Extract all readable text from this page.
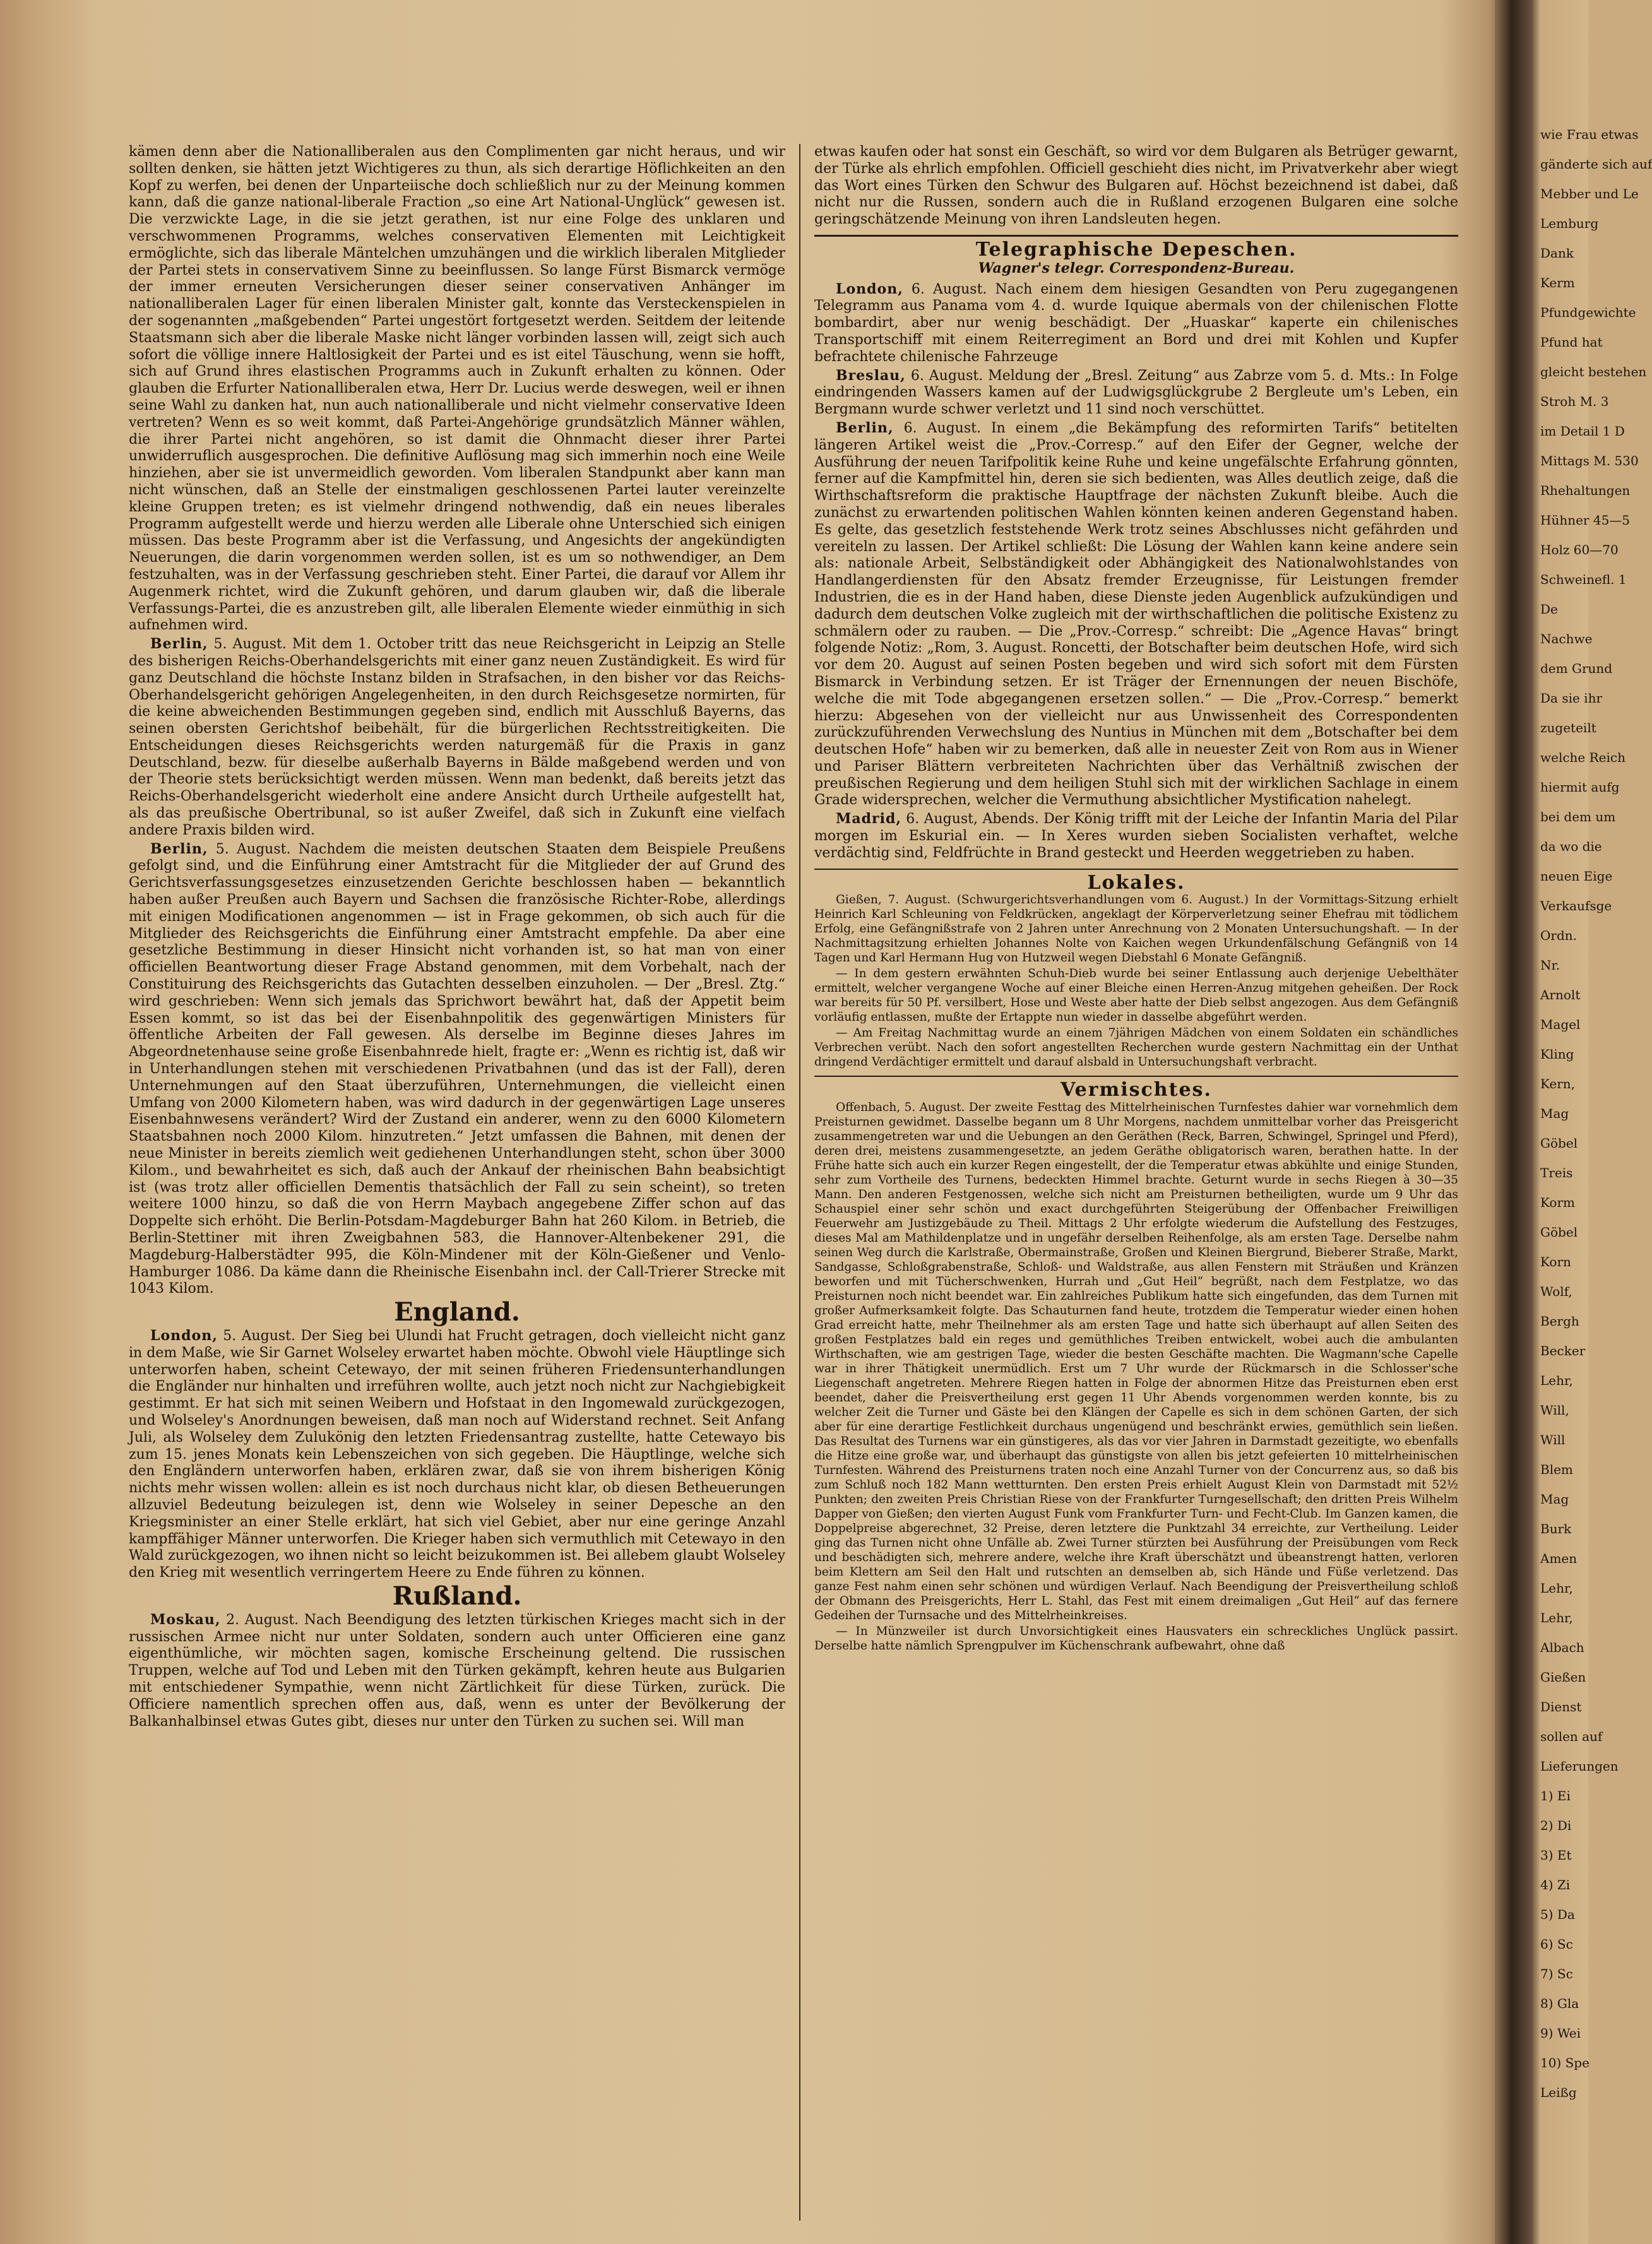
kämen denn aber die Nationalliberalen aus den Complimenten gar nicht heraus, und wir sollten denken, sie hätten jetzt Wichtigeres zu thun, als sich derartige Höflichkeiten an den Kopf zu werfen, bei denen der Unparteiische doch schließlich nur zu der Meinung kommen kann, daß die ganze national-liberale Fraction „so eine Art National-Unglück“ gewesen ist. Die verzwickte Lage, in die sie jetzt gerathen, ist nur eine Folge des unklaren und verschwommenen Programms, welches conservativen Elementen mit Leichtigkeit ermöglichte, sich das liberale Mäntelchen umzuhängen und die wirklich liberalen Mitglieder der Partei stets in conservativem Sinne zu beeinflussen. So lange Fürst Bismarck vermöge der immer erneuten Versicherungen dieser seiner conservativen Anhänger im nationalliberalen Lager für einen liberalen Minister galt, konnte das Versteckenspielen in der sogenannten „maßgebenden“ Partei ungestört fortgesetzt werden. Seitdem der leitende Staatsmann sich aber die liberale Maske nicht länger vorbinden lassen will, zeigt sich auch sofort die völlige innere Haltlosigkeit der Partei und es ist eitel Täuschung, wenn sie hofft, sich auf Grund ihres elastischen Programms auch in Zukunft erhalten zu können. Oder glauben die Erfurter Nationalliberalen etwa, Herr Dr. Lucius werde deswegen, weil er ihnen seine Wahl zu danken hat, nun auch nationalliberale und nicht vielmehr conservative Ideen vertreten? Wenn es so weit kommt, daß Partei-Angehörige grundsätzlich Männer wählen, die ihrer Partei nicht angehören, so ist damit die Ohnmacht dieser ihrer Partei unwiderruflich ausgesprochen. Die definitive Auflösung mag sich immerhin noch eine Weile hinziehen, aber sie ist unvermeidlich geworden. Vom liberalen Standpunkt aber kann man nicht wünschen, daß an Stelle der einstmaligen geschlossenen Partei lauter vereinzelte kleine Gruppen treten; es ist vielmehr dringend nothwendig, daß ein neues liberales Programm aufgestellt werde und hierzu werden alle Liberale ohne Unterschied sich einigen müssen. Das beste Programm aber ist die Verfassung, und Angesichts der angekündigten Neuerungen, die darin vorgenommen werden sollen, ist es um so nothwendiger, an Dem festzuhalten, was in der Verfassung geschrieben steht. Einer Partei, die darauf vor Allem ihr Augenmerk richtet, wird die Zukunft gehören, und darum glauben wir, daß die liberale Verfassungs-Partei, die es anzustreben gilt, alle liberalen Elemente wieder einmüthig in sich aufnehmen wird.

Berlin, 5. August. Mit dem 1. October tritt das neue Reichsgericht in Leipzig an Stelle des bisherigen Reichs-Oberhandelsgerichts mit einer ganz neuen Zuständigkeit. Es wird für ganz Deutschland die höchste Instanz bilden in Strafsachen, in den bisher vor das Reichs-Oberhandelsgericht gehörigen Angelegenheiten, in den durch Reichsgesetze normirten, für die keine abweichenden Bestimmungen gegeben sind, endlich mit Ausschluß Bayerns, das seinen obersten Gerichtshof beibehält, für die bürgerlichen Rechtsstreitigkeiten. Die Entscheidungen dieses Reichsgerichts werden naturgemäß für die Praxis in ganz Deutschland, bezw. für dieselbe außerhalb Bayerns in Bälde maßgebend werden und von der Theorie stets berücksichtigt werden müssen. Wenn man bedenkt, daß bereits jetzt das Reichs-Oberhandelsgericht wiederholt eine andere Ansicht durch Urtheile aufgestellt hat, als das preußische Obertribunal, so ist außer Zweifel, daß sich in Zukunft eine vielfach andere Praxis bilden wird.

Berlin, 5. August. Nachdem die meisten deutschen Staaten dem Beispiele Preußens gefolgt sind, und die Einführung einer Amtstracht für die Mitglieder der auf Grund des Gerichtsverfassungsgesetzes einzusetzenden Gerichte beschlossen haben — bekanntlich haben außer Preußen auch Bayern und Sachsen die französische Richter-Robe, allerdings mit einigen Modificationen angenommen — ist in Frage gekommen, ob sich auch für die Mitglieder des Reichsgerichts die Einführung einer Amtstracht empfehle. Da aber eine gesetzliche Bestimmung in dieser Hinsicht nicht vorhanden ist, so hat man von einer officiellen Beantwortung dieser Frage Abstand genommen, mit dem Vorbehalt, nach der Constituirung des Reichsgerichts das Gutachten desselben einzuholen. — Der „Bresl. Ztg.“ wird geschrieben: Wenn sich jemals das Sprichwort bewährt hat, daß der Appetit beim Essen kommt, so ist das bei der Eisenbahnpolitik des gegenwärtigen Ministers für öffentliche Arbeiten der Fall gewesen. Als derselbe im Beginne dieses Jahres im Abgeordnetenhause seine große Eisenbahnrede hielt, fragte er: „Wenn es richtig ist, daß wir in Unterhandlungen stehen mit verschiedenen Privatbahnen (und das ist der Fall), deren Unternehmungen auf den Staat überzuführen, Unternehmungen, die vielleicht einen Umfang von 2000 Kilometern haben, was wird dadurch in der gegenwärtigen Lage unseres Eisenbahnwesens verändert? Wird der Zustand ein anderer, wenn zu den 6000 Kilometern Staatsbahnen noch 2000 Kilom. hinzutreten.“ Jetzt umfassen die Bahnen, mit denen der neue Minister in bereits ziemlich weit gediehenen Unterhandlungen steht, schon über 3000 Kilom., und bewahrheitet es sich, daß auch der Ankauf der rheinischen Bahn beabsichtigt ist (was trotz aller officiellen Dementis thatsächlich der Fall zu sein scheint), so treten weitere 1000 hinzu, so daß die von Herrn Maybach angegebene Ziffer schon auf das Doppelte sich erhöht. Die Berlin-Potsdam-Magdeburger Bahn hat 260 Kilom. in Betrieb, die Berlin-Stettiner mit ihren Zweigbahnen 583, die Hannover-Altenbekener 291, die Magdeburg-Halberstädter 995, die Köln-Mindener mit der Köln-Gießener und Venlo-Hamburger 1086. Da käme dann die Rheinische Eisenbahn incl. der Call-Trierer Strecke mit 1043 Kilom.

England.

London, 5. August. Der Sieg bei Ulundi hat Frucht getragen, doch vielleicht nicht ganz in dem Maße, wie Sir Garnet Wolseley erwartet haben möchte. Obwohl viele Häuptlinge sich unterworfen haben, scheint Cetewayo, der mit seinen früheren Friedensunterhandlungen die Engländer nur hinhalten und irreführen wollte, auch jetzt noch nicht zur Nachgiebigkeit gestimmt. Er hat sich mit seinen Weibern und Hofstaat in den Ingomewald zurückgezogen, und Wolseley's Anordnungen beweisen, daß man noch auf Widerstand rechnet. Seit Anfang Juli, als Wolseley dem Zulukönig den letzten Friedensantrag zustellte, hatte Cetewayo bis zum 15. jenes Monats kein Lebenszeichen von sich gegeben. Die Häuptlinge, welche sich den Engländern unterworfen haben, erklären zwar, daß sie von ihrem bisherigen König nichts mehr wissen wollen: allein es ist noch durchaus nicht klar, ob diesen Betheuerungen allzuviel Bedeutung beizulegen ist, denn wie Wolseley in seiner Depesche an den Kriegsminister an einer Stelle erklärt, hat sich viel Gebiet, aber nur eine geringe Anzahl kampffähiger Männer unterworfen. Die Krieger haben sich vermuthlich mit Cetewayo in den Wald zurückgezogen, wo ihnen nicht so leicht beizukommen ist. Bei allebem glaubt Wolseley den Krieg mit wesentlich verringertem Heere zu Ende führen zu können.

Rußland.

Moskau, 2. August. Nach Beendigung des letzten türkischen Krieges macht sich in der russischen Armee nicht nur unter Soldaten, sondern auch unter Officieren eine ganz eigenthümliche, wir möchten sagen, komische Erscheinung geltend. Die russischen Truppen, welche auf Tod und Leben mit den Türken gekämpft, kehren heute aus Bulgarien mit entschiedener Sympathie, wenn nicht Zärtlichkeit für diese Türken, zurück. Die Officiere namentlich sprechen offen aus, daß, wenn es unter der Bevölkerung der Balkanhalbinsel etwas Gutes gibt, dieses nur unter den Türken zu suchen sei. Will man

etwas kaufen oder hat sonst ein Geschäft, so wird vor dem Bulgaren als Betrüger gewarnt, der Türke als ehrlich empfohlen. Officiell geschieht dies nicht, im Privatverkehr aber wiegt das Wort eines Türken den Schwur des Bulgaren auf. Höchst bezeichnend ist dabei, daß nicht nur die Russen, sondern auch die in Rußland erzogenen Bulgaren eine solche geringschätzende Meinung von ihren Landsleuten hegen.

Telegraphische Depeschen.
Wagner's telegr. Correspondenz-Bureau.

London, 6. August. Nach einem dem hiesigen Gesandten von Peru zugegangenen Telegramm aus Panama vom 4. d. wurde Iquique abermals von der chilenischen Flotte bombardirt, aber nur wenig beschädigt. Der „Huaskar“ kaperte ein chilenisches Transportschiff mit einem Reiterregiment an Bord und drei mit Kohlen und Kupfer befrachtete chilenische Fahrzeuge

Breslau, 6. August. Meldung der „Bresl. Zeitung“ aus Zabrze vom 5. d. Mts.: In Folge eindringenden Wassers kamen auf der Ludwigsglückgrube 2 Bergleute um's Leben, ein Bergmann wurde schwer verletzt und 11 sind noch verschüttet.

Berlin, 6. August. In einem „die Bekämpfung des reformirten Tarifs“ betitelten längeren Artikel weist die „Prov.-Corresp.“ auf den Eifer der Gegner, welche der Ausführung der neuen Tarifpolitik keine Ruhe und keine ungefälschte Erfahrung gönnten, ferner auf die Kampfmittel hin, deren sie sich bedienten, was Alles deutlich zeige, daß die Wirthschaftsreform die praktische Hauptfrage der nächsten Zukunft bleibe. Auch die zunächst zu erwartenden politischen Wahlen könnten keinen anderen Gegenstand haben. Es gelte, das gesetzlich feststehende Werk trotz seines Abschlusses nicht gefährden und vereiteln zu lassen. Der Artikel schließt: Die Lösung der Wahlen kann keine andere sein als: nationale Arbeit, Selbständigkeit oder Abhängigkeit des Nationalwohlstandes von Handlangerdiensten für den Absatz fremder Erzeugnisse, für Leistungen fremder Industrien, die es in der Hand haben, diese Dienste jeden Augenblick aufzukündigen und dadurch dem deutschen Volke zugleich mit der wirthschaftlichen die politische Existenz zu schmälern oder zu rauben. — Die „Prov.-Corresp.“ schreibt: Die „Agence Havas“ bringt folgende Notiz: „Rom, 3. August. Roncetti, der Botschafter beim deutschen Hofe, wird sich vor dem 20. August auf seinen Posten begeben und wird sich sofort mit dem Fürsten Bismarck in Verbindung setzen. Er ist Träger der Ernennungen der neuen Bischöfe, welche die mit Tode abgegangenen ersetzen sollen.“ — Die „Prov.-Corresp.“ bemerkt hierzu: Abgesehen von der vielleicht nur aus Unwissenheit des Correspondenten zurückzuführenden Verwechslung des Nuntius in München mit dem „Botschafter bei dem deutschen Hofe“ haben wir zu bemerken, daß alle in neuester Zeit von Rom aus in Wiener und Pariser Blättern verbreiteten Nachrichten über das Verhältniß zwischen der preußischen Regierung und dem heiligen Stuhl sich mit der wirklichen Sachlage in einem Grade widersprechen, welcher die Vermuthung absichtlicher Mystification nahelegt.

Madrid, 6. August, Abends. Der König trifft mit der Leiche der Infantin Maria del Pilar morgen im Eskurial ein. — In Xeres wurden sieben Socialisten verhaftet, welche verdächtig sind, Feldfrüchte in Brand gesteckt und Heerden weggetrieben zu haben.

Lokales.

Gießen, 7. August. (Schwurgerichtsverhandlungen vom 6. August.) In der Vormittags-Sitzung erhielt Heinrich Karl Schleuning von Feldkrücken, angeklagt der Körperverletzung seiner Ehefrau mit tödlichem Erfolg, eine Gefängnißstrafe von 2 Jahren unter Anrechnung von 2 Monaten Untersuchungshaft. — In der Nachmittagsitzung erhielten Johannes Nolte von Kaichen wegen Urkundenfälschung Gefängniß von 14 Tagen und Karl Hermann Hug von Hutzweil wegen Diebstahl 6 Monate Gefängniß.

— In dem gestern erwähnten Schuh-Dieb wurde bei seiner Entlassung auch derjenige Uebelthäter ermittelt, welcher vergangene Woche auf einer Bleiche einen Herren-Anzug mitgehen geheißen. Der Rock war bereits für 50 Pf. versilbert, Hose und Weste aber hatte der Dieb selbst angezogen. Aus dem Gefängniß vorläufig entlassen, mußte der Ertappte nun wieder in dasselbe abgeführt werden.

— Am Freitag Nachmittag wurde an einem 7jährigen Mädchen von einem Soldaten ein schändliches Verbrechen verübt. Nach den sofort angestellten Recherchen wurde gestern Nachmittag ein der Unthat dringend Verdächtiger ermittelt und darauf alsbald in Untersuchungshaft verbracht.

Vermischtes.

Offenbach, 5. August. Der zweite Festtag des Mittelrheinischen Turnfestes dahier war vornehmlich dem Preisturnen gewidmet. Dasselbe begann um 8 Uhr Morgens, nachdem unmittelbar vorher das Preisgericht zusammengetreten war und die Uebungen an den Geräthen (Reck, Barren, Schwingel, Springel und Pferd), deren drei, meistens zusammengesetzte, an jedem Geräthe obligatorisch waren, berathen hatte. In der Frühe hatte sich auch ein kurzer Regen eingestellt, der die Temperatur etwas abkühlte und einige Stunden, sehr zum Vortheile des Turnens, bedeckten Himmel brachte. Geturnt wurde in sechs Riegen à 30—35 Mann. Den anderen Festgenossen, welche sich nicht am Preisturnen betheiligten, wurde um 9 Uhr das Schauspiel einer sehr schön und exact durchgeführten Steigerübung der Offenbacher Freiwilligen Feuerwehr am Justizgebäude zu Theil. Mittags 2 Uhr erfolgte wiederum die Aufstellung des Festzuges, dieses Mal am Mathildenplatze und in ungefähr derselben Reihenfolge, als am ersten Tage. Derselbe nahm seinen Weg durch die Karlstraße, Obermainstraße, Großen und Kleinen Biergrund, Bieberer Straße, Markt, Sandgasse, Schloßgrabenstraße, Schloß- und Waldstraße, aus allen Fenstern mit Sträußen und Kränzen beworfen und mit Tücherschwenken, Hurrah und „Gut Heil“ begrüßt, nach dem Festplatze, wo das Preisturnen noch nicht beendet war. Ein zahlreiches Publikum hatte sich eingefunden, das dem Turnen mit großer Aufmerksamkeit folgte. Das Schauturnen fand heute, trotzdem die Temperatur wieder einen hohen Grad erreicht hatte, mehr Theilnehmer als am ersten Tage und hatte sich überhaupt auf allen Seiten des großen Festplatzes bald ein reges und gemüthliches Treiben entwickelt, wobei auch die ambulanten Wirthschaften, wie am gestrigen Tage, wieder die besten Geschäfte machten. Die Wagmann'sche Capelle war in ihrer Thätigkeit unermüdlich. Erst um 7 Uhr wurde der Rückmarsch in die Schlosser'sche Liegenschaft angetreten. Mehrere Riegen hatten in Folge der abnormen Hitze das Preisturnen eben erst beendet, daher die Preisvertheilung erst gegen 11 Uhr Abends vorgenommen werden konnte, bis zu welcher Zeit die Turner und Gäste bei den Klängen der Capelle es sich in dem schönen Garten, der sich aber für eine derartige Festlichkeit durchaus ungenügend und beschränkt erwies, gemüthlich sein ließen. Das Resultat des Turnens war ein günstigeres, als das vor vier Jahren in Darmstadt gezeitigte, wo ebenfalls die Hitze eine große war, und überhaupt das günstigste von allen bis jetzt gefeierten 10 mittelrheinischen Turnfesten. Während des Preisturnens traten noch eine Anzahl Turner von der Concurrenz aus, so daß bis zum Schluß noch 182 Mann wettturnten. Den ersten Preis erhielt August Klein von Darmstadt mit 52½ Punkten; den zweiten Preis Christian Riese von der Frankfurter Turngesellschaft; den dritten Preis Wilhelm Dapper von Gießen; den vierten August Funk vom Frankfurter Turn- und Fecht-Club. Im Ganzen kamen, die Doppelpreise abgerechnet, 32 Preise, deren letztere die Punktzahl 34 erreichte, zur Vertheilung. Leider ging das Turnen nicht ohne Unfälle ab. Zwei Turner stürzten bei Ausführung der Preisübungen vom Reck und beschädigten sich, mehrere andere, welche ihre Kraft überschätzt und übeanstrengt hatten, verloren beim Klettern am Seil den Halt und rutschten an demselben ab, sich Hände und Füße verletzend. Das ganze Fest nahm einen sehr schönen und würdigen Verlauf. Nach Beendigung der Preisvertheilung schloß der Obmann des Preisgerichts, Herr L. Stahl, das Fest mit einem dreimaligen „Gut Heil“ auf das fernere Gedeihen der Turnsache und des Mittelrheinkreises.

— In Münzweiler ist durch Unvorsichtigkeit eines Hausvaters ein schreckliches Unglück passirt. Derselbe hatte nämlich Sprengpulver im Küchenschrank aufbewahrt, ohne daß

wie Frau etwas
gänderte sich auf
Mebber und Le
Lemburg
Dank
Kerm
Pfundgewichte
Pfund hat
gleicht bestehen
Stroh M. 3
im Detail 1 D
Mittags M. 530
Rhehaltungen
Hühner 45—5
Holz 60—70
Schweinefl. 1
De
Nachwe
dem Grund
Da sie ihr
zugeteilt
welche Reich
hiermit aufg
bei dem um
da wo die
neuen Eige
Verkaufsge
Ordn.
Nr.
Arnolt
Magel
Kling
Kern,
Mag
Göbel
Treis
Korm
Göbel
Korn
Wolf,
Bergh
Becker
Lehr,
Will,
Will
Blem
Mag
Burk
Amen
Lehr,
Lehr,
Albach
Gießen
Dienst
sollen auf
Lieferungen
1) Ei
2) Di
3) Et
4) Zi
5) Da
6) Sc
7) Sc
8) Gla
9) Wei
10) Spe
Leißg
